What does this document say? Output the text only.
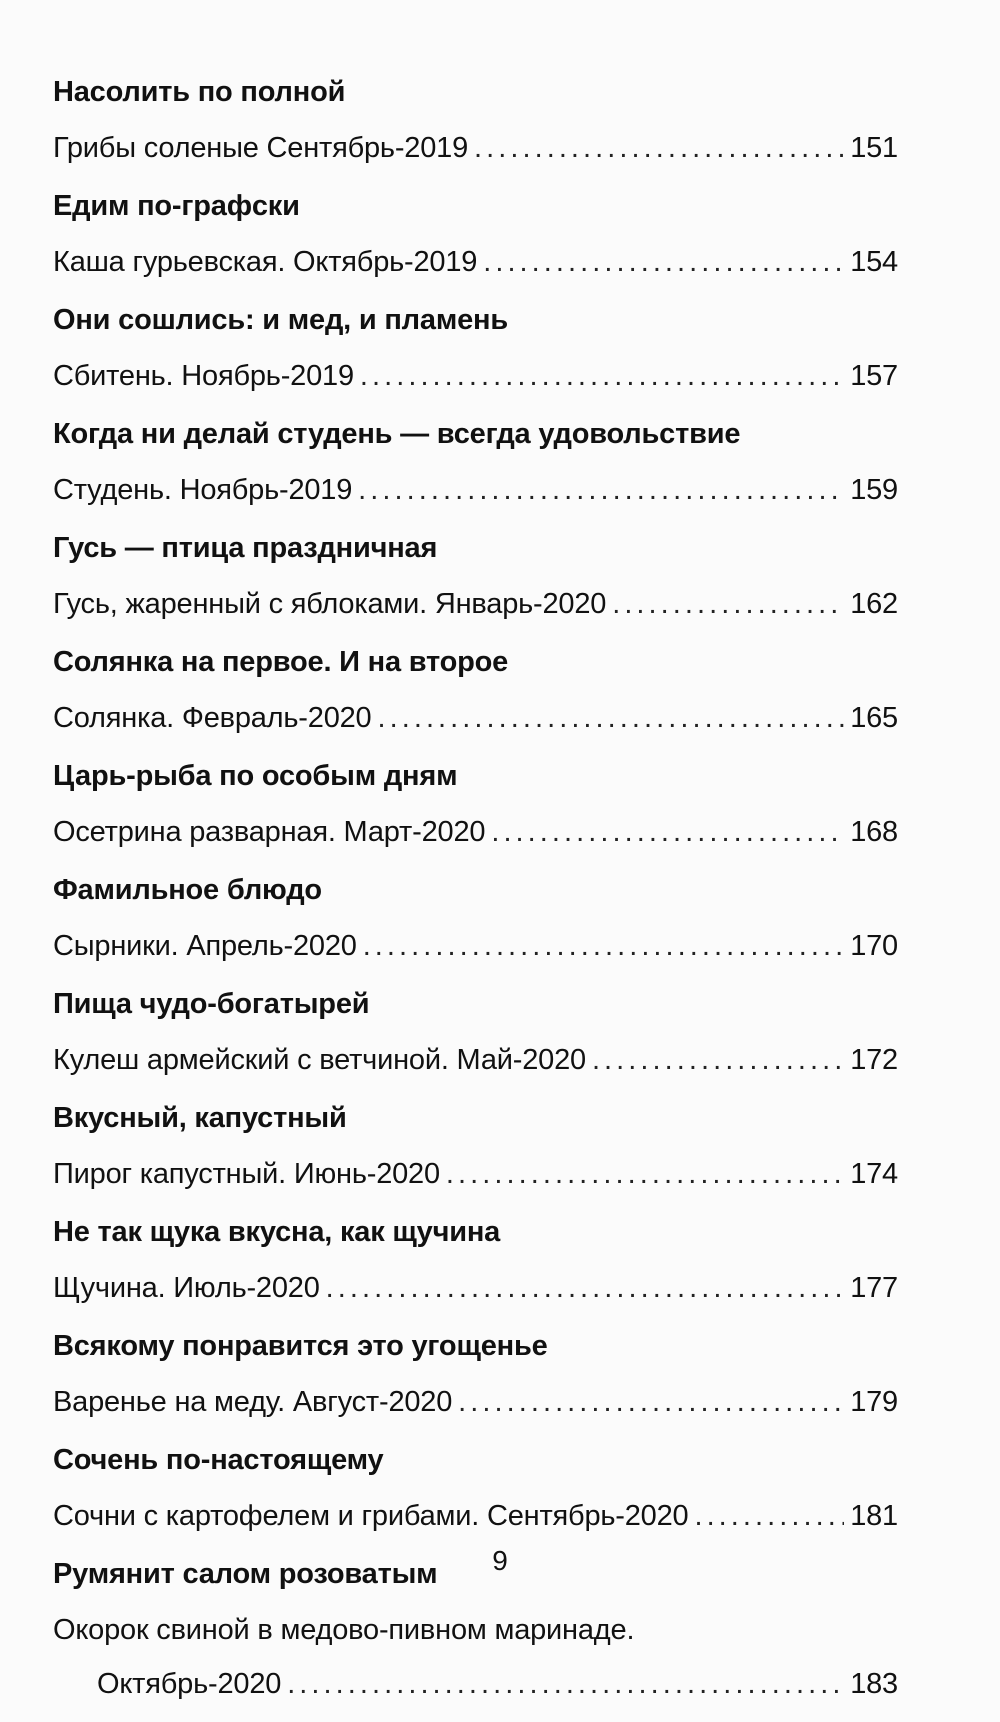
Насолить по полной
Грибы соленые Сентябрь-2019 . . .	151
Едим по-графски
Каша гурьевская. Октябрь-2019 . . .	154
Они сошлись: и мед, и пламень
Сбитень. Ноябрь-2019 . . .	157
Когда ни делай студень — всегда удовольствие
Студень. Ноябрь-2019 . . .	159
Гусь — птица праздничная
Гусь, жаренный с яблоками. Январь-2020 . . .	162
Солянка на первое. И на второе
Солянка. Февраль-2020 . . .	165
Царь-рыба по особым дням
Осетрина разварная. Март-2020 . . .	168
Фамильное блюдо
Сырники. Апрель-2020 . . .	170
Пища чудо-богатырей
Кулеш армейский с ветчиной. Май-2020 . . .	172
Вкусный, капустный
Пирог капустный. Июнь-2020 . . .	174
Не так щука вкусна, как щучина
Щучина. Июль-2020 . . .	177
Всякому понравится это угощенье
Варенье на меду. Август-2020 . . .	179
Сочень по-настоящему
Сочни с картофелем и грибами. Сентябрь-2020 . . .	181
Румянит салом розоватым
Окорок свиной в медово-пивном маринаде.
Октябрь-2020 . . .	183
9
